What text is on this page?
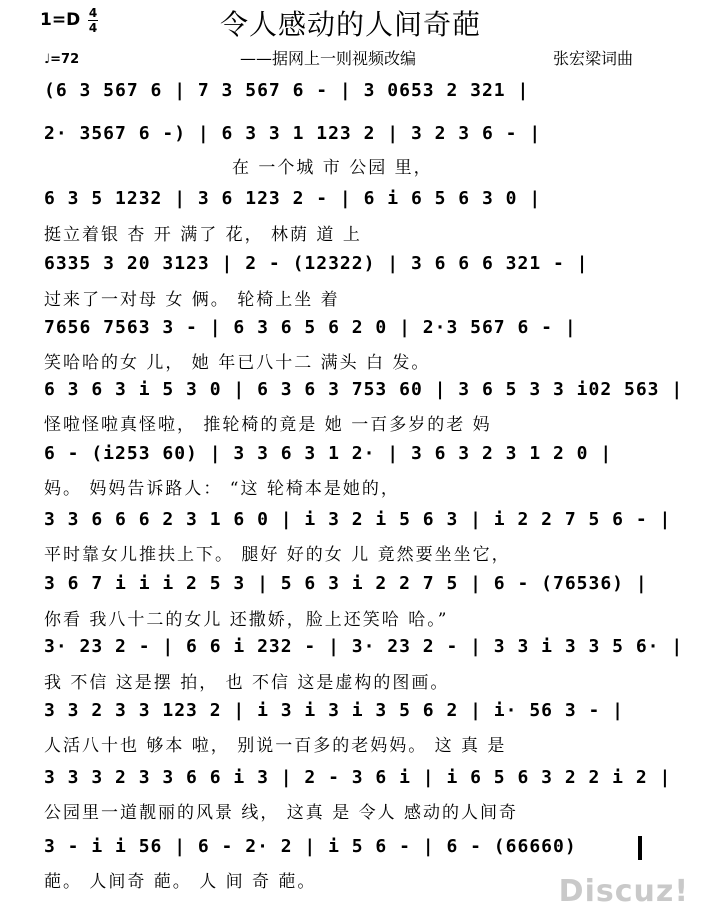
1=D 4
4	令人感动的人间奇葩
♩=72	——据网上一则视频改编	张宏梁词曲
(6 3 567 6 | 7 3 567 6 - | 3 0653 2 321 |
2· 3567 6 -) | 6 3 3 1 123 2 | 3 2 3 6 - |
在 一个城 市 公园 里，
6 3 5 1232 | 3 6 123 2 - | 6 i 6 5 6 3 0 |
挺立着银 杏 开 满了 花， 林荫 道 上
6335 3 20 3123 | 2 - (12322) | 3 6 6 6 321 - |
过来了一对母 女 俩。 轮椅上坐 着
7656 7563 3 - | 6 3 6 5 6 2 0 | 2·3 567 6 - |
笑哈哈的女 儿， 她 年已八十二 满头 白 发。
6 3 6 3 i 5 3 0 | 6 3 6 3 753 60 | 3 6 5 3 3 i02 563 |
怪啦怪啦真怪啦， 推轮椅的竟是 她 一百多岁的老 妈
6 - (i253 60) | 3 3 6 3 1 2· | 3 6 3 2 3 1 2 0 |
妈。 妈妈告诉路人： “这 轮椅本是她的，
3 3 6 6 6 2 3 1 6 0 | i 3 2 i 5 6 3 | i 2 2 7 5 6 - |
平时靠女儿推扶上下。 腿好 好的女 儿 竟然要坐坐它，
3 6 7 i i i 2 5 3 | 5 6 3 i 2 2 7 5 | 6 - (76536) |
你看 我八十二的女儿 还撒娇，脸上还笑哈 哈。”
3· 23 2 - | 6 6 i 232 - | 3· 23 2 - | 3 3 i 3 3 5 6· |
我 不信 这是摆 拍， 也 不信 这是虚构的图画。
3 3 2 3 3 123 2 | i 3 i 3 i 3 5 6 2 | i· 56 3 - |
人活八十也 够本 啦， 别说一百多的老妈妈。 这 真 是
3 3 3 2 3 3 6 6 i 3 | 2 - 3 6 i | i 6 5 6 3 2 2 i 2 |
公园里一道靓丽的风景 线， 这真 是 令人 感动的人间奇
3 - i i 56 | 6 - 2· 2 | i 5 6 - | 6 - (66660)
葩。 人间奇 葩。 人 间 奇 葩。	Discuz!
